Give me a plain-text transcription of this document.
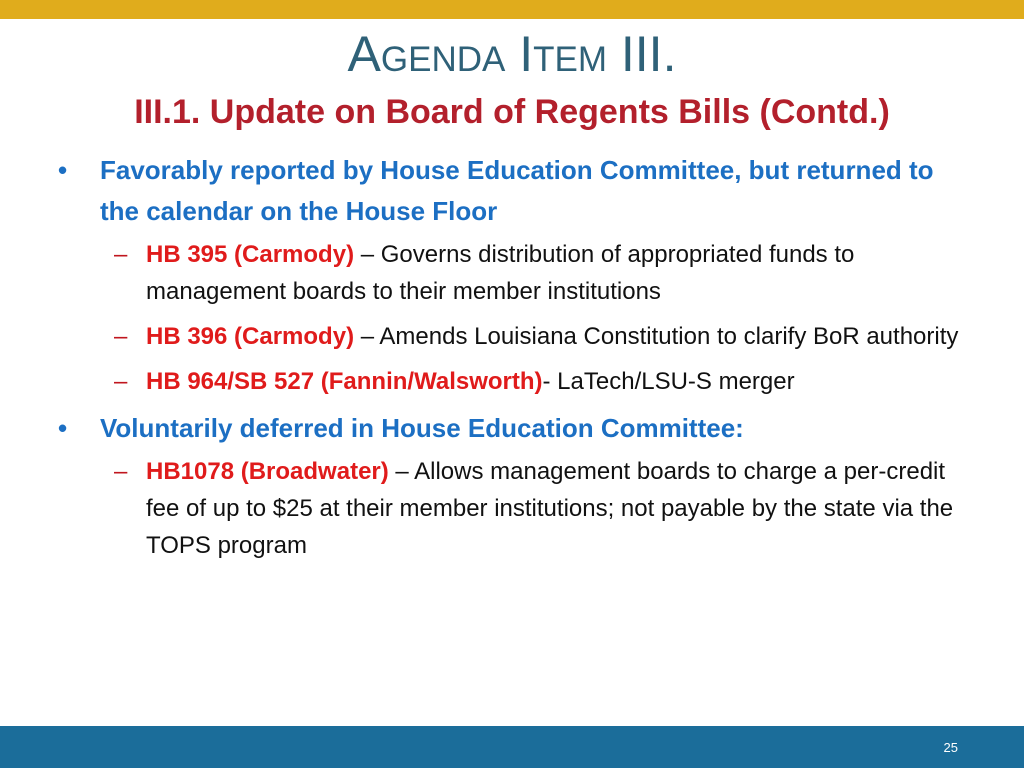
Agenda Item III.
III.1. Update on Board of Regents Bills (Contd.)
• Favorably reported by House Education Committee, but returned to the calendar on the House Floor
– HB 395 (Carmody) – Governs distribution of appropriated funds to management boards to their member institutions
– HB 396 (Carmody) – Amends Louisiana Constitution to clarify BoR authority
– HB 964/SB 527 (Fannin/Walsworth)- LaTech/LSU-S merger
• Voluntarily deferred in House Education Committee:
– HB1078 (Broadwater) – Allows management boards to charge a per-credit fee of up to $25 at their member institutions; not payable by the state via the TOPS program
25
